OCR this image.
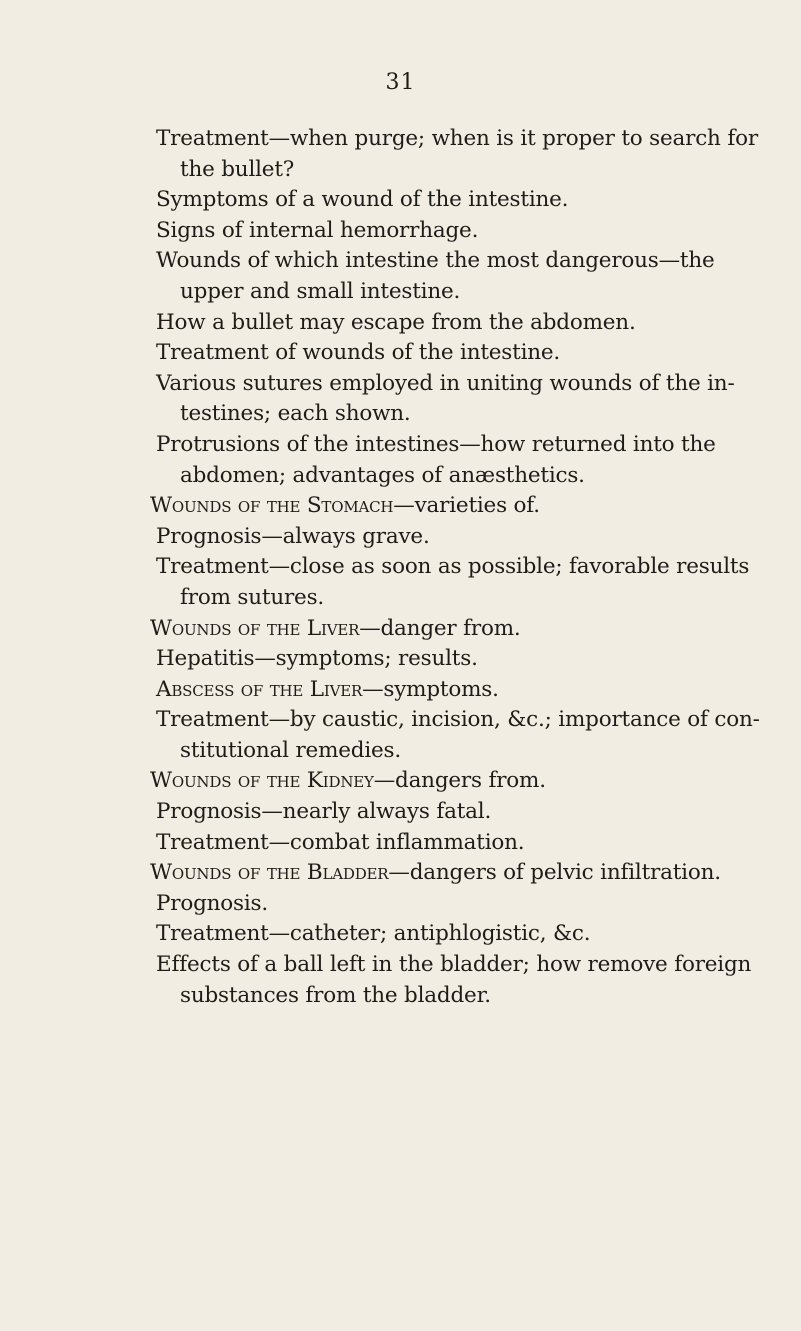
31
Treatment—when purge; when is it proper to search for
the bullet?
Symptoms of a wound of the intestine.
Signs of internal hemorrhage.
Wounds of which intestine the most dangerous—the
upper and small intestine.
How a bullet may escape from the abdomen.
Treatment of wounds of the intestine.
Various sutures employed in uniting wounds of the in-
testines; each shown.
Protrusions of the intestines—how returned into the
abdomen; advantages of anæsthetics.
Wounds of the Stomach—varieties of.
Prognosis—always grave.
Treatment—close as soon as possible; favorable results
from sutures.
Wounds of the Liver—danger from.
Hepatitis—symptoms; results.
Abscess of the Liver—symptoms.
Treatment—by caustic, incision, &c.; importance of con-
stitutional remedies.
Wounds of the Kidney—dangers from.
Prognosis—nearly always fatal.
Treatment—combat inflammation.
Wounds of the Bladder—dangers of pelvic infiltration.
Prognosis.
Treatment—catheter; antiphlogistic, &c.
Effects of a ball left in the bladder; how remove foreign
substances from the bladder.
